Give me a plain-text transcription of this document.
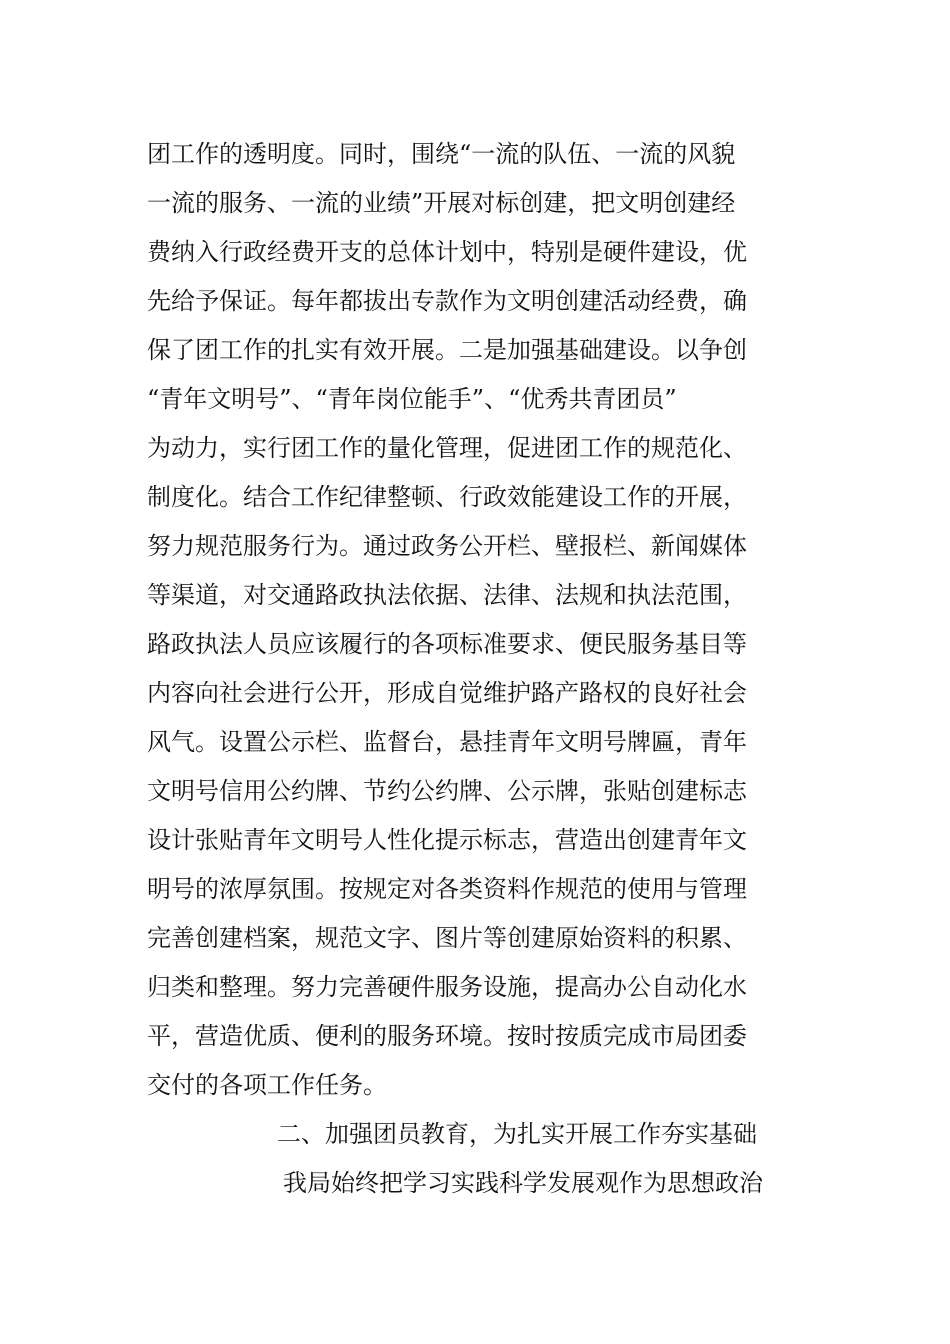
团工作的透明度。同时，围绕“一流的队伍、一流的风貌
一流的服务、一流的业绩”开展对标创建，把文明创建经
费纳入行政经费开支的总体计划中，特别是硬件建设，优
先给予保证。每年都拔出专款作为文明创建活动经费，确
保了团工作的扎实有效开展。二是加强基础建设。以争创
“青年文明号”、“青年岗位能手”、“优秀共青团员”
为动力，实行团工作的量化管理，促进团工作的规范化、
制度化。结合工作纪律整顿、行政效能建设工作的开展，
努力规范服务行为。通过政务公开栏、壁报栏、新闻媒体
等渠道，对交通路政执法依据、法律、法规和执法范围，
路政执法人员应该履行的各项标准要求、便民服务基目等
内容向社会进行公开，形成自觉维护路产路权的良好社会
风气。设置公示栏、监督台，悬挂青年文明号牌匾，青年
文明号信用公约牌、节约公约牌、公示牌，张贴创建标志
设计张贴青年文明号人性化提示标志，营造出创建青年文
明号的浓厚氛围。按规定对各类资料作规范的使用与管理
完善创建档案，规范文字、图片等创建原始资料的积累、
归类和整理。努力完善硬件服务设施，提高办公自动化水
平，营造优质、便利的服务环境。按时按质完成市局团委
交付的各项工作任务。
二、加强团员教育，为扎实开展工作夯实基础
我局始终把学习实践科学发展观作为思想政治
